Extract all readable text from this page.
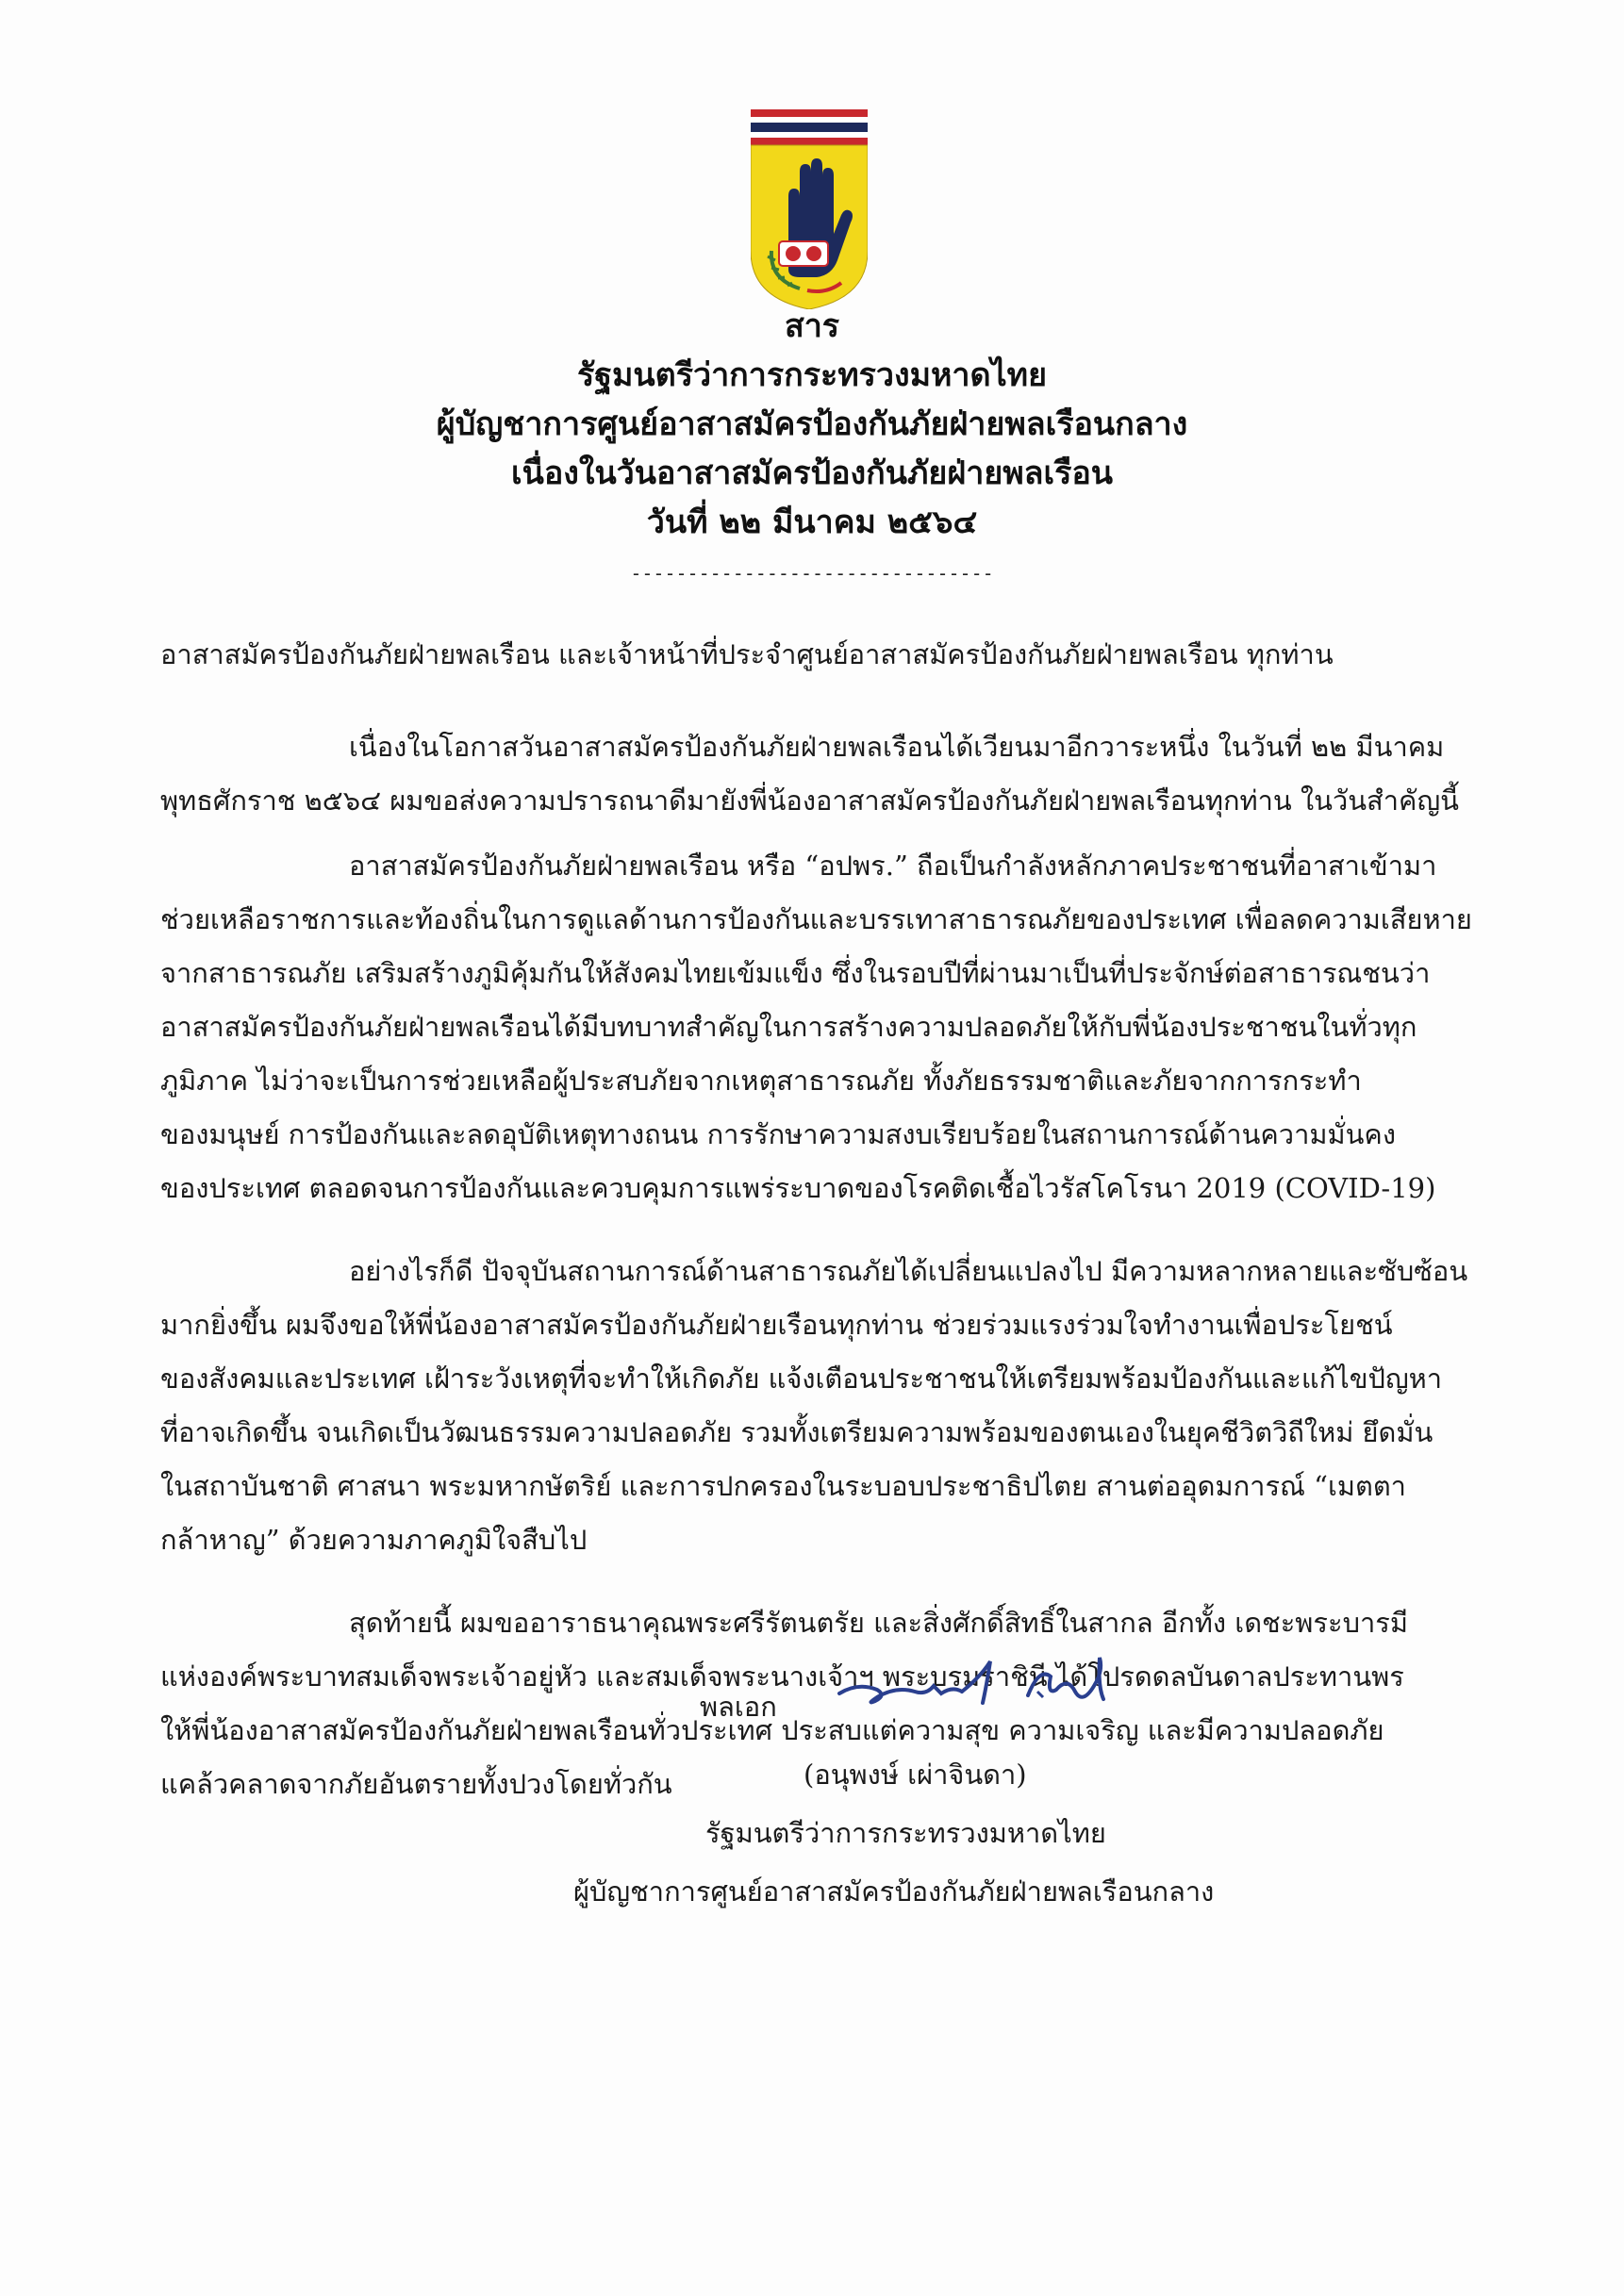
สาร
รัฐมนตรีว่าการกระทรวงมหาดไทย
ผู้บัญชาการศูนย์อาสาสมัครป้องกันภัยฝ่ายพลเรือนกลาง
เนื่องในวันอาสาสมัครป้องกันภัยฝ่ายพลเรือน
วันที่ ๒๒ มีนาคม ๒๕๖๔
--------------------------------

อาสาสมัครป้องกันภัยฝ่ายพลเรือน และเจ้าหน้าที่ประจำศูนย์อาสาสมัครป้องกันภัยฝ่ายพลเรือน ทุกท่าน

เนื่องในโอกาสวันอาสาสมัครป้องกันภัยฝ่ายพลเรือนได้เวียนมาอีกวาระหนึ่ง ในวันที่ ๒๒ มีนาคม

พุทธศักราช ๒๕๖๔ ผมขอส่งความปรารถนาดีมายังพี่น้องอาสาสมัครป้องกันภัยฝ่ายพลเรือนทุกท่าน ในวันสำคัญนี้

อาสาสมัครป้องกันภัยฝ่ายพลเรือน หรือ “อปพร.” ถือเป็นกำลังหลักภาคประชาชนที่อาสาเข้ามา

ช่วยเหลือราชการและท้องถิ่นในการดูแลด้านการป้องกันและบรรเทาสาธารณภัยของประเทศ เพื่อลดความเสียหาย

จากสาธารณภัย เสริมสร้างภูมิคุ้มกันให้สังคมไทยเข้มแข็ง ซึ่งในรอบปีที่ผ่านมาเป็นที่ประจักษ์ต่อสาธารณชนว่า

อาสาสมัครป้องกันภัยฝ่ายพลเรือนได้มีบทบาทสำคัญในการสร้างความปลอดภัยให้กับพี่น้องประชาชนในทั่วทุก

ภูมิภาค ไม่ว่าจะเป็นการช่วยเหลือผู้ประสบภัยจากเหตุสาธารณภัย ทั้งภัยธรรมชาติและภัยจากการกระทำ

ของมนุษย์ การป้องกันและลดอุบัติเหตุทางถนน การรักษาความสงบเรียบร้อยในสถานการณ์ด้านความมั่นคง

ของประเทศ ตลอดจนการป้องกันและควบคุมการแพร่ระบาดของโรคติดเชื้อไวรัสโคโรนา 2019 (COVID-19)

อย่างไรก็ดี ปัจจุบันสถานการณ์ด้านสาธารณภัยได้เปลี่ยนแปลงไป มีความหลากหลายและซับซ้อน

มากยิ่งขึ้น ผมจึงขอให้พี่น้องอาสาสมัครป้องกันภัยฝ่ายเรือนทุกท่าน ช่วยร่วมแรงร่วมใจทำงานเพื่อประโยชน์

ของสังคมและประเทศ เฝ้าระวังเหตุที่จะทำให้เกิดภัย แจ้งเตือนประชาชนให้เตรียมพร้อมป้องกันและแก้ไขปัญหา

ที่อาจเกิดขึ้น จนเกิดเป็นวัฒนธรรมความปลอดภัย รวมทั้งเตรียมความพร้อมของตนเองในยุคชีวิตวิถีใหม่ ยึดมั่น

ในสถาบันชาติ ศาสนา พระมหากษัตริย์ และการปกครองในระบอบประชาธิปไตย สานต่ออุดมการณ์ “เมตตา

กล้าหาญ” ด้วยความภาคภูมิใจสืบไป

สุดท้ายนี้ ผมขออาราธนาคุณพระศรีรัตนตรัย และสิ่งศักดิ์สิทธิ์ในสากล อีกทั้ง เดชะพระบารมี

แห่งองค์พระบาทสมเด็จพระเจ้าอยู่หัว และสมเด็จพระนางเจ้าฯ พระบรมราชินี ได้โปรดดลบันดาลประทานพร

ให้พี่น้องอาสาสมัครป้องกันภัยฝ่ายพลเรือนทั่วประเทศ ประสบแต่ความสุข ความเจริญ และมีความปลอดภัย

แคล้วคลาดจากภัยอันตรายทั้งปวงโดยทั่วกัน

พลเอก
(อนุพงษ์ เผ่าจินดา)
รัฐมนตรีว่าการกระทรวงมหาดไทย
ผู้บัญชาการศูนย์อาสาสมัครป้องกันภัยฝ่ายพลเรือนกลาง
